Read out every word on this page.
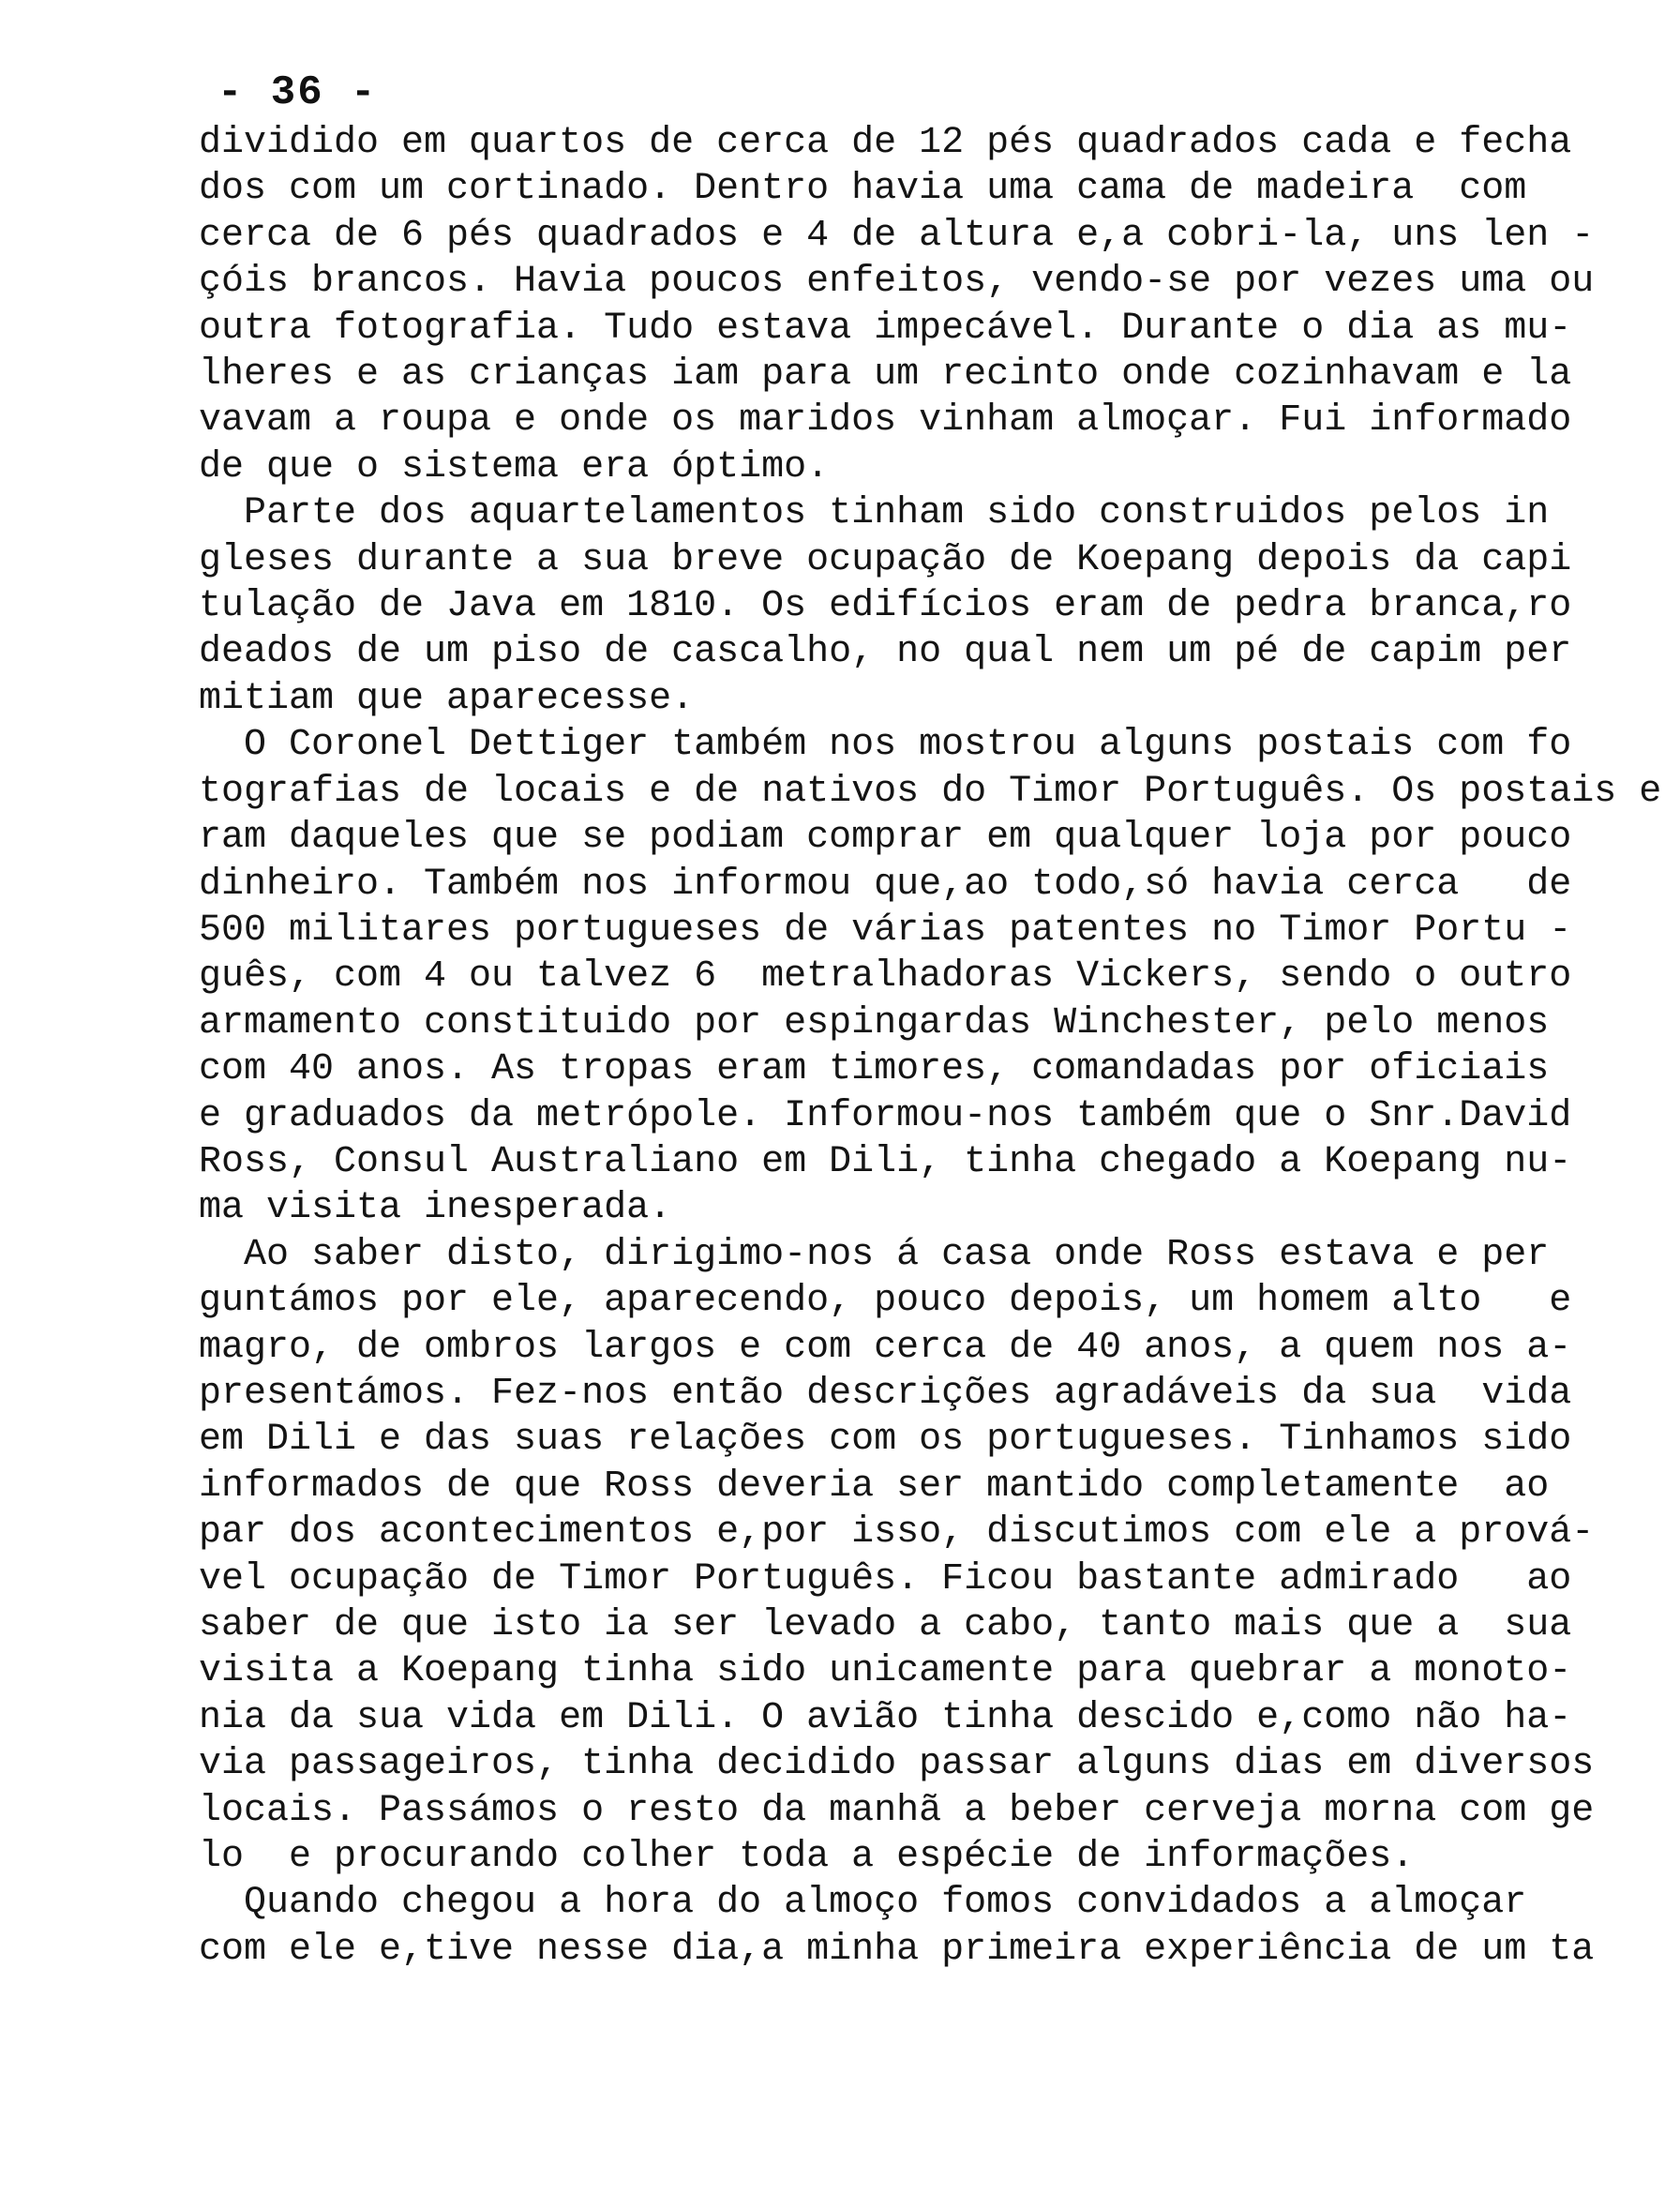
- 36 -
dividido em quartos de cerca de 12 pés quadrados cada e fecha
dos com um cortinado. Dentro havia uma cama de madeira  com
cerca de 6 pés quadrados e 4 de altura e,a cobri-la, uns len -
çóis brancos. Havia poucos enfeitos, vendo-se por vezes uma ou
outra fotografia. Tudo estava impecável. Durante o dia as mu-
lheres e as crianças iam para um recinto onde cozinhavam e la
vavam a roupa e onde os maridos vinham almoçar. Fui informado
de que o sistema era óptimo.
Parte dos aquartelamentos tinham sido construidos pelos in
gleses durante a sua breve ocupação de Koepang depois da capi
tulação de Java em 1810. Os edifícios eram de pedra branca,ro
deados de um piso de cascalho, no qual nem um pé de capim per
mitiam que aparecesse.
O Coronel Dettiger também nos mostrou alguns postais com fo
tografias de locais e de nativos do Timor Português. Os postais e
ram daqueles que se podiam comprar em qualquer loja por pouco
dinheiro. Também nos informou que,ao todo,só havia cerca   de
500 militares portugueses de várias patentes no Timor Portu -
guês, com 4 ou talvez 6  metralhadoras Vickers, sendo o outro
armamento constituido por espingardas Winchester, pelo menos
com 40 anos. As tropas eram timores, comandadas por oficiais
e graduados da metrópole. Informou-nos também que o Snr.David
Ross, Consul Australiano em Dili, tinha chegado a Koepang nu-
ma visita inesperada.
Ao saber disto, dirigimo-nos á casa onde Ross estava e per
guntámos por ele, aparecendo, pouco depois, um homem alto   e
magro, de ombros largos e com cerca de 40 anos, a quem nos a-
presentámos. Fez-nos então descrições agradáveis da sua  vida
em Dili e das suas relações com os portugueses. Tinhamos sido
informados de que Ross deveria ser mantido completamente  ao
par dos acontecimentos e,por isso, discutimos com ele a prová-
vel ocupação de Timor Português. Ficou bastante admirado   ao
saber de que isto ia ser levado a cabo, tanto mais que a  sua
visita a Koepang tinha sido unicamente para quebrar a monoto-
nia da sua vida em Dili. O avião tinha descido e,como não ha-
via passageiros, tinha decidido passar alguns dias em diversos
locais. Passámos o resto da manhã a beber cerveja morna com ge
lo  e procurando colher toda a espécie de informações.
Quando chegou a hora do almoço fomos convidados a almoçar
com ele e,tive nesse dia,a minha primeira experiência de um ta
